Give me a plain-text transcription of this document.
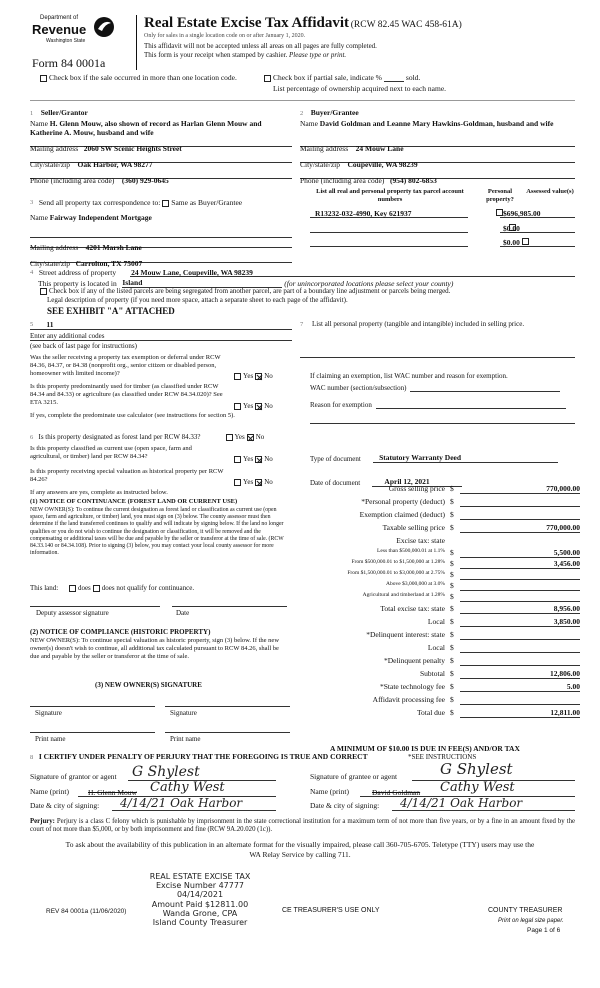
Department of
Revenue
Washington State
Form 84 0001a
Real Estate Excise Tax Affidavit (RCW 82.45 WAC 458-61A)
Only for sales in a single location code on or after January 1, 2020.
This affidavit will not be accepted unless all areas on all pages are fully completed.
This form is your receipt when stamped by cashier. Please type or print.
Check box if the sale occurred in more than one location code.	Check box if partial sale, indicate %	sold.
List percentage of ownership acquired next to each name.
1 Seller/Grantor
Name H. Glenn Mouw, also shown of record as Harlan Glenn Mouw and Katherine A. Mouw, husband and wife
Mailing address
2060 SW Scenic Heights Street
City/state/zip
Oak Harbor, WA 98277
Phone (including area code)
(360) 929-0645
2 Buyer/Grantee
Name David Goldman and Leanne Mary Hawkins-Goldman, husband and wife
Mailing address
24 Mouw Lane
City/state/zip
Coupeville, WA 98239
Phone (including area code)
(954) 802-6853
3
Send all property tax correspondence to: Same as Buyer/Grantee
Name
Fairway Independent Mortgage
Mailing address
4201 Marsh Lane
City/state/zip
Carrolton, TX 75007
List all real and personal property tax parcel account numbers
Personal property?
Assessed value(s)
R13232-032-4990, Key 621937
	$696,985.00

$0.00
$0.00
4
Street address of property
24 Mouw Lane, Coupeville, WA 98239
This property is located in
Island
	(for unincorporated locations please select your county)
Check box if any of the listed parcels are being segregated from another parcel, are part of a boundary line adjustment or parcels being merged.
Legal description of property (if you need more space, attach a separate sheet to each page of the affidavit).
SEE EXHIBIT "A" ATTACHED
5
11
Enter any additional codes
(see back of last page for instructions)
Was the seller receiving a property tax exemption or deferral under RCW 84.36, 84.37, or 84.38 (nonprofit org., senior citizen or disabled person, homeowner with limited income)?	Yes No
Is this property predominantly used for timber (as classified under RCW 84.34 and 84.33) or agriculture (as classified under RCW 84.34.020)? See ETA 3215.	Yes No
If yes, complete the predominate use calculator (see instructions for section 5).
6
Is this property designated as forest land per RCW 84.33?	Yes No
Is this property classified as current use (open space, farm and agricultural, or timber) land per RCW 84.34?	Yes No
Is this property receiving special valuation as historical property per RCW 84.26?	Yes No
If any answers are yes, complete as instructed below.
(1) NOTICE OF CONTINUANCE (FOREST LAND OR CURRENT USE)
NEW OWNER(S): To continue the current designation as forest land or classification as current use (open space, farm and agriculture, or timber) land, you must sign on (3) below. The county assessor must then determine if the land transferred continues to qualify and will indicate by signing below. If the land no longer qualifies or you do not wish to continue the designation or classification, it will be removed and the compensating or additional taxes will be due and payable by the seller or transferor at the time of sale. (RCW 84.33.140 or 84.34.108). Prior to signing (3) below, you may contact your local county assessor for more information.
This land:
	does does not qualify for continuance.
Deputy assessor signature	Date
(2) NOTICE OF COMPLIANCE (HISTORIC PROPERTY)
NEW OWNER(S): To continue special valuation as historic property, sign (3) below. If the new owner(s) doesn't wish to continue, all additional tax calculated pursuant to RCW 84.26, shall be due and payable by the seller or transferor at the time of sale.
(3) NEW OWNER(S) SIGNATURE
Signature	Signature
Print name	Print name
7 List all personal property (tangible and intangible) included in selling price.
If claiming an exemption, list WAC number and reason for exemption.
WAC number (section/subsection)
Reason for exemption
Type of document
	Statutory Warranty Deed
Date of document
	April 12, 2021
Gross selling price $	770,000.00
*Personal property (deduct) $
Exemption claimed (deduct) $
Taxable selling price $	770,000.00
Excise tax: state
Less than $500,000.01 at 1.1% $	5,500.00
From $500,000.01 to $1,500,000 at 1.28% $	3,456.00
From $1,500,000.01 to $3,000,000 at 2.75% $
Above $3,000,000 at 3.0% $
Agricultural and timberland at 1.28% $
Total excise tax: state $	8,956.00
Local $	3,850.00
*Delinquent interest: state $
Local $
*Delinquent penalty $
Subtotal $	12,806.00
*State technology fee $	5.00
Affidavit processing fee $
Total due $	12,811.00
A MINIMUM OF $10.00 IS DUE IN FEE(S) AND/OR TAX
*SEE INSTRUCTIONS
8 I CERTIFY UNDER PENALTY OF PERJURY THAT THE FOREGOING IS TRUE AND CORRECT
Signature of grantor or agent G Shylest
Name (print)	H. Glenn Mouw Cathy West
Date & city of signing: 4/14/21 Oak Harbor
Signature of grantee or agent	G Shylest
Name (print)	David Goldman Cathy West
Date & city of signing: 4/14/21 Oak Harbor
Perjury: Perjury is a class C felony which is punishable by imprisonment in the state correctional institution for a maximum term of not more than five years, or by a fine in an amount fixed by the court of not more than $5,000, or by both imprisonment and fine (RCW 9A.20.020 (1c)).
To ask about the availability of this publication in an alternate format for the visually impaired, please call 360-705-6705. Teletype (TTY) users may use the WA Relay Service by calling 711.
REAL ESTATE EXCISE TAX
Excise Number 47777
04/14/2021
Amount Paid $12811.00
Wanda Grone, CPA
Island County Treasurer
REV 84 0001a (11/06/2020)	CE TREASURER'S USE ONLY	COUNTY TREASURER
Print on legal size paper.
Page 1 of 6
